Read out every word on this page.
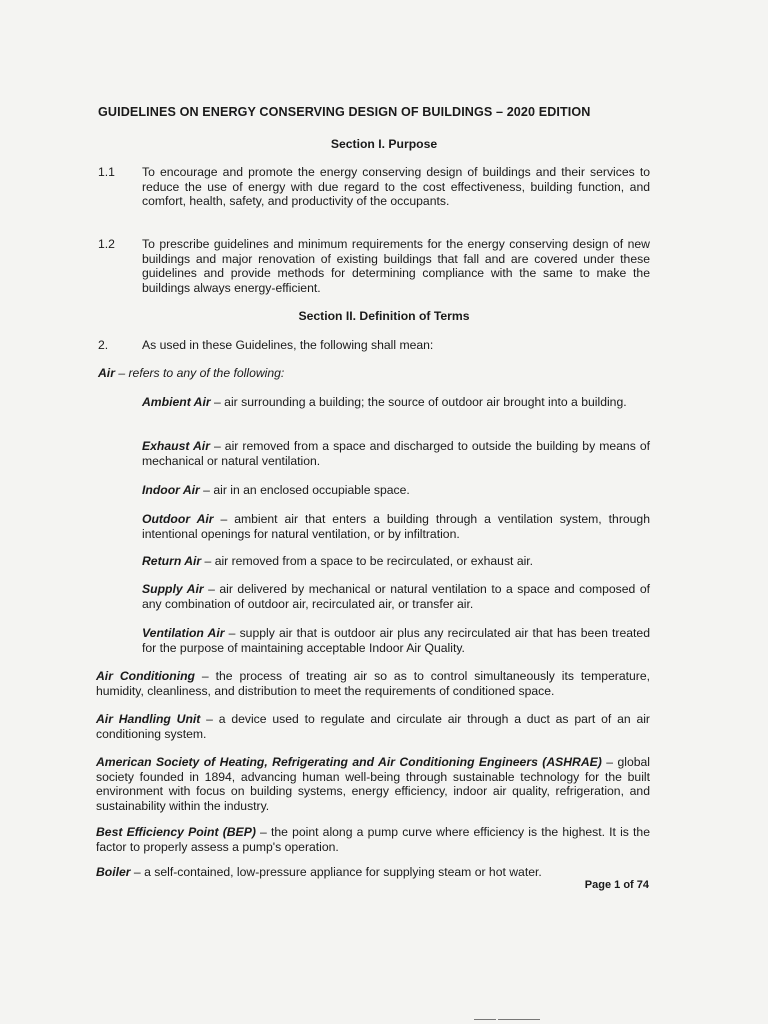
GUIDELINES ON ENERGY CONSERVING DESIGN OF BUILDINGS – 2020 EDITION
Section I. Purpose
1.1 To encourage and promote the energy conserving design of buildings and their services to reduce the use of energy with due regard to the cost effectiveness, building function, and comfort, health, safety, and productivity of the occupants.
1.2 To prescribe guidelines and minimum requirements for the energy conserving design of new buildings and major renovation of existing buildings that fall and are covered under these guidelines and provide methods for determining compliance with the same to make the buildings always energy-efficient.
Section II. Definition of Terms
2.	As used in these Guidelines, the following shall mean:
Air – refers to any of the following:
Ambient Air – air surrounding a building; the source of outdoor air brought into a building.
Exhaust Air – air removed from a space and discharged to outside the building by means of mechanical or natural ventilation.
Indoor Air – air in an enclosed occupiable space.
Outdoor Air – ambient air that enters a building through a ventilation system, through intentional openings for natural ventilation, or by infiltration.
Return Air – air removed from a space to be recirculated, or exhaust air.
Supply Air – air delivered by mechanical or natural ventilation to a space and composed of any combination of outdoor air, recirculated air, or transfer air.
Ventilation Air – supply air that is outdoor air plus any recirculated air that has been treated for the purpose of maintaining acceptable Indoor Air Quality.
Air Conditioning – the process of treating air so as to control simultaneously its temperature, humidity, cleanliness, and distribution to meet the requirements of conditioned space.
Air Handling Unit – a device used to regulate and circulate air through a duct as part of an air conditioning system.
American Society of Heating, Refrigerating and Air Conditioning Engineers (ASHRAE) – global society founded in 1894, advancing human well-being through sustainable technology for the built environment with focus on building systems, energy efficiency, indoor air quality, refrigeration, and sustainability within the industry.
Best Efficiency Point (BEP) – the point along a pump curve where efficiency is the highest. It is the factor to properly assess a pump's operation.
Boiler – a self-contained, low-pressure appliance for supplying steam or hot water.
Page 1 of 74
